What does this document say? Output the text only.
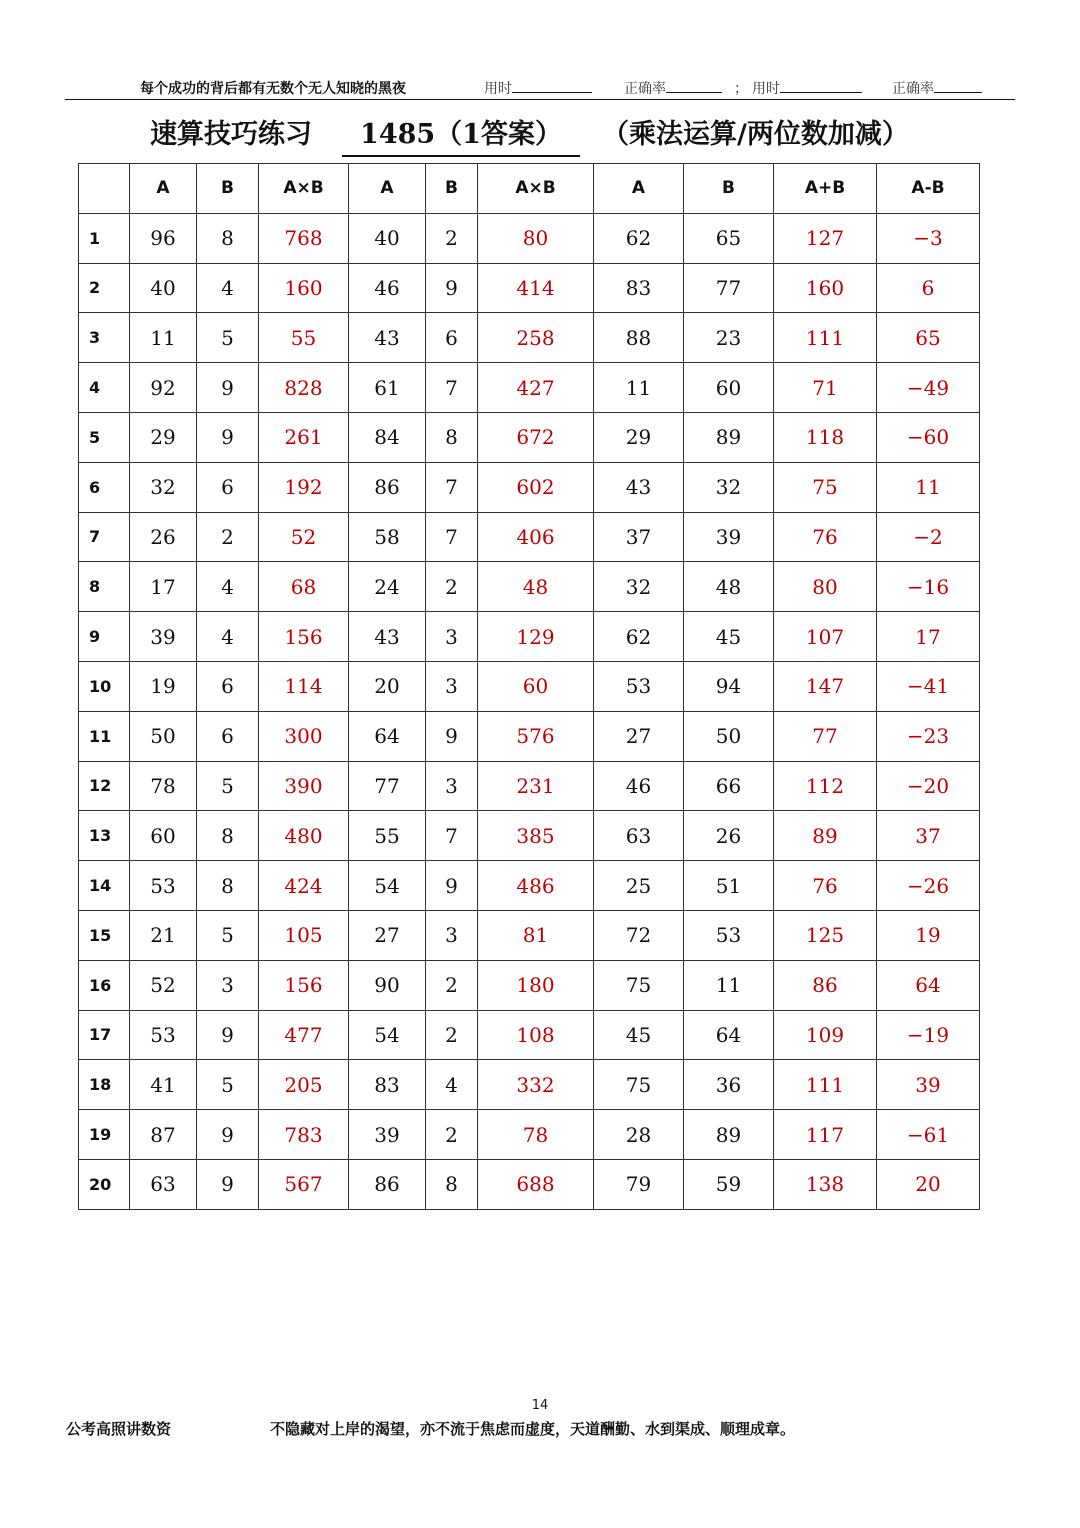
每个成功的背后都有无数个无人知晓的黑夜	用时	正确率	； 用时	正确率
速算技巧练习	1485（1答案）	（乘法运算/两位数加减）
	A	B	A×B	A	B	A×B	A	B	A+B	A-B
1	96	8	768	40	2	80	62	65	127	−3
2	40	4	160	46	9	414	83	77	160	6
3	11	5	55	43	6	258	88	23	111	65
4	92	9	828	61	7	427	11	60	71	−49
5	29	9	261	84	8	672	29	89	118	−60
6	32	6	192	86	7	602	43	32	75	11
7	26	2	52	58	7	406	37	39	76	−2
8	17	4	68	24	2	48	32	48	80	−16
9	39	4	156	43	3	129	62	45	107	17
10	19	6	114	20	3	60	53	94	147	−41
11	50	6	300	64	9	576	27	50	77	−23
12	78	5	390	77	3	231	46	66	112	−20
13	60	8	480	55	7	385	63	26	89	37
14	53	8	424	54	9	486	25	51	76	−26
15	21	5	105	27	3	81	72	53	125	19
16	52	3	156	90	2	180	75	11	86	64
17	53	9	477	54	2	108	45	64	109	−19
18	41	5	205	83	4	332	75	36	111	39
19	87	9	783	39	2	78	28	89	117	−61
20	63	9	567	86	8	688	79	59	138	20
14
公考高照讲数资	不隐藏对上岸的渴望，亦不流于焦虑而虚度，天道酬勤、水到渠成、顺理成章。
